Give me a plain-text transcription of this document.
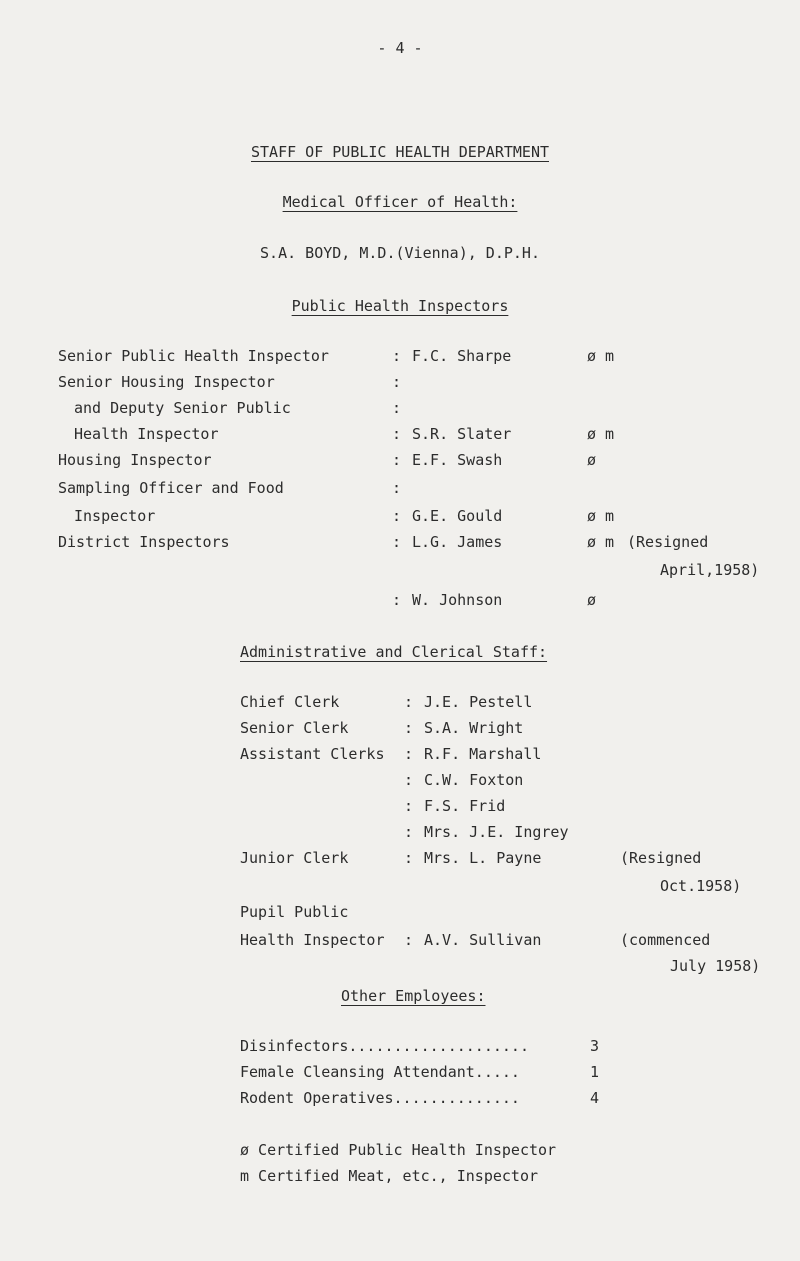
- 4 -
STAFF OF PUBLIC HEALTH DEPARTMENT
Medical Officer of Health:
S.A. BOYD, M.D.(Vienna), D.P.H.
Public Health Inspectors
Senior Public Health Inspector	: F.C. Sharpe	ø m
Senior Housing Inspector	:
and Deputy Senior Public	:
Health Inspector	: S.R. Slater	ø m
Housing Inspector	: E.F. Swash	ø
Sampling Officer and Food	:
Inspector	: G.E. Gould	ø m
District Inspectors	: L.G. James	ø m (Resigned
April,1958)
: W. Johnson	ø
Administrative and Clerical Staff:
Chief Clerk	: J.E. Pestell
Senior Clerk	: S.A. Wright
Assistant Clerks : R.F. Marshall
: C.W. Foxton
: F.S. Frid
: Mrs. J.E. Ingrey
Junior Clerk	: Mrs. L. Payne	(Resigned
Oct.1958)
Pupil Public
Health Inspector : A.V. Sullivan	(commenced
July 1958)
Other Employees:
Disinfectors....................	3
Female Cleansing Attendant.....	1
Rodent Operatives..............	4
ø Certified Public Health Inspector
m Certified Meat, etc., Inspector
